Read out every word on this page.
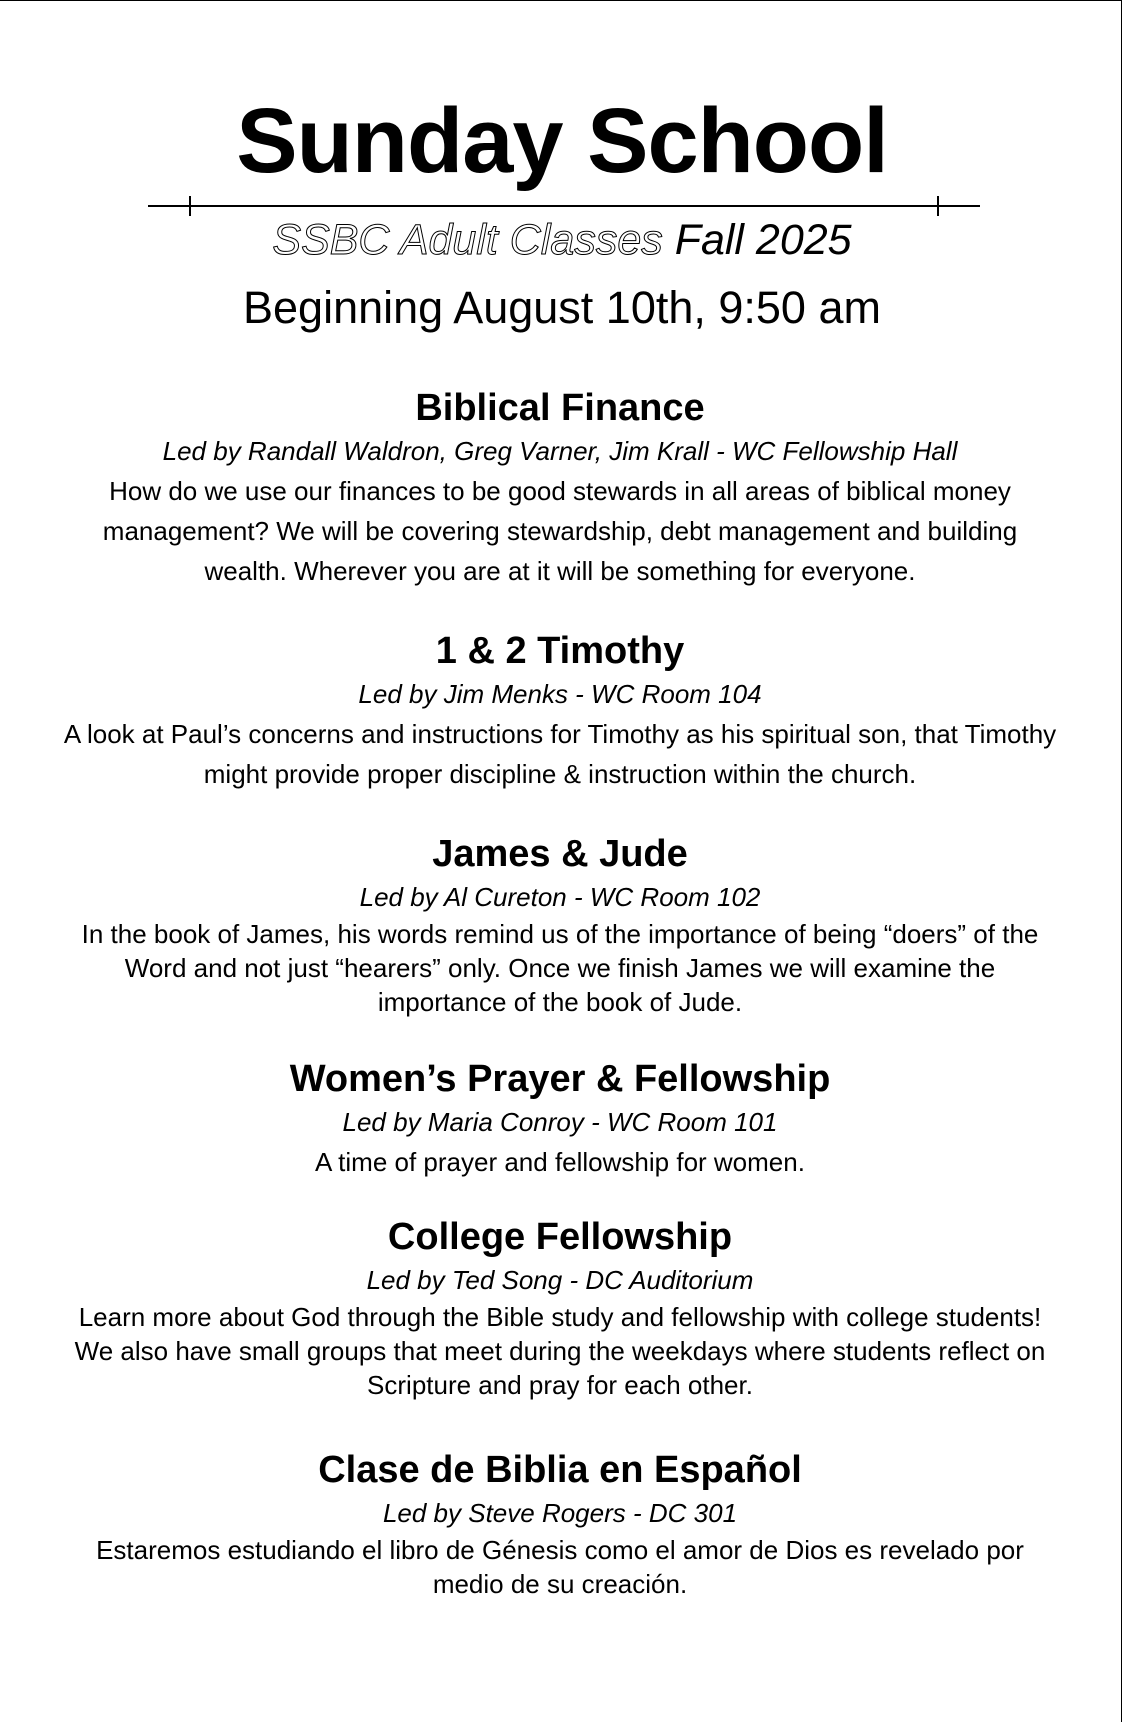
Sunday School
SSBC Adult Classes Fall 2025
Beginning August 10th, 9:50 am
Biblical Finance
Led by Randall Waldron, Greg Varner, Jim Krall - WC Fellowship Hall
How do we use our finances to be good stewards in all areas of biblical money management? We will be covering stewardship, debt management and building wealth. Wherever you are at it will be something for everyone.
1 & 2 Timothy
Led by Jim Menks - WC Room 104
A look at Paul’s concerns and instructions for Timothy as his spiritual son, that Timothy might provide proper discipline & instruction within the church.
James & Jude
Led by Al Cureton - WC Room 102
In the book of James, his words remind us of the importance of being “doers” of the Word and not just “hearers” only. Once we finish James we will examine the importance of the book of Jude.
Women’s Prayer & Fellowship
Led by Maria Conroy - WC Room 101
A time of prayer and fellowship for women.
College Fellowship
Led by Ted Song - DC Auditorium
Learn more about God through the Bible study and fellowship with college students! We also have small groups that meet during the weekdays where students reflect on Scripture and pray for each other.
Clase de Biblia en Español
Led by Steve Rogers - DC 301
Estaremos estudiando el libro de Génesis como el amor de Dios es revelado por medio de su creación.
